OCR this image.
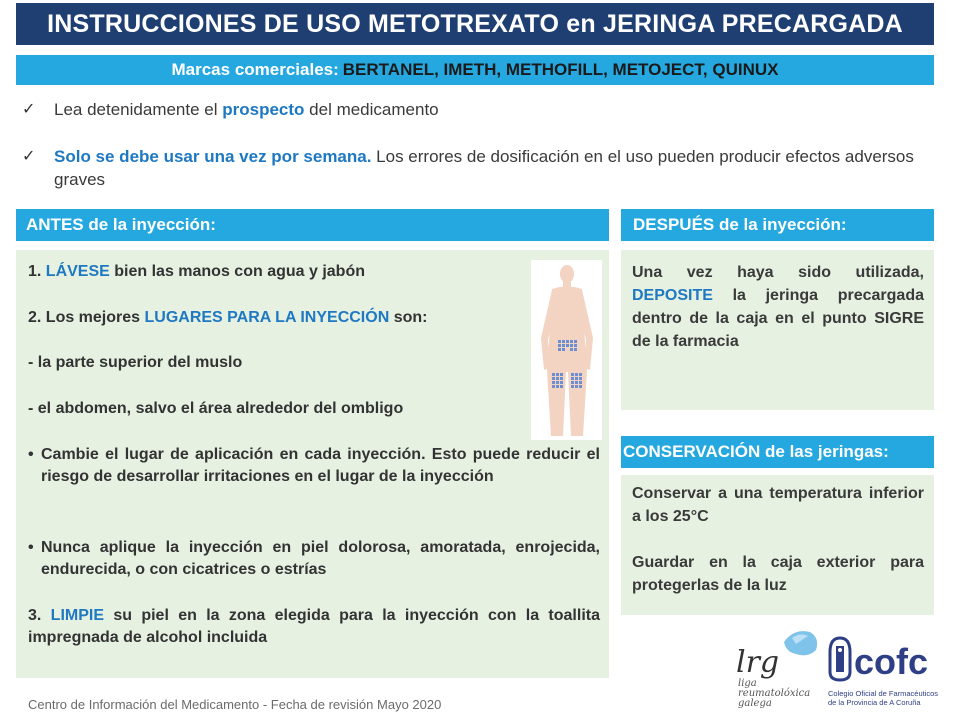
INSTRUCCIONES DE USO METOTREXATO en JERINGA PRECARGADA
Marcas comerciales: BERTANEL, IMETH, METHOFILL, METOJECT, QUINUX
✓	Lea detenidamente el prospecto del medicamento
✓	Solo se debe usar una vez por semana. Los errores de dosificación en el uso pueden producir efectos adversos graves
ANTES de la inyección:
1. LÁVESE bien las manos con agua y jabón
2. Los mejores LUGARES PARA LA INYECCIÓN son:
- la parte superior del muslo
- el abdomen, salvo el área alrededor del ombligo
• Cambie el lugar de aplicación en cada inyección. Esto puede reducir el riesgo de desarrollar irritaciones en el lugar de la inyección
• Nunca aplique la inyección en piel dolorosa, amoratada, enrojecida, endurecida, o con cicatrices o estrías
3. LIMPIE su piel en la zona elegida para la inyección con la toallita impregnada de alcohol incluida
DESPUÉS de la inyección:
Una vez haya sido utilizada, DEPOSITE la jeringa precargada dentro de la caja en el punto SIGRE de la farmacia
CONSERVACIÓN de las jeringas:
Conservar a una temperatura inferior a los 25°C
Guardar en la caja exterior para protegerlas de la luz
Centro de Información del Medicamento - Fecha de revisión Mayo 2020
lrg
liga
reumatolóxica
galega
cofc
Colegio Oficial de Farmacéuticos
de la Provincia de A Coruña
